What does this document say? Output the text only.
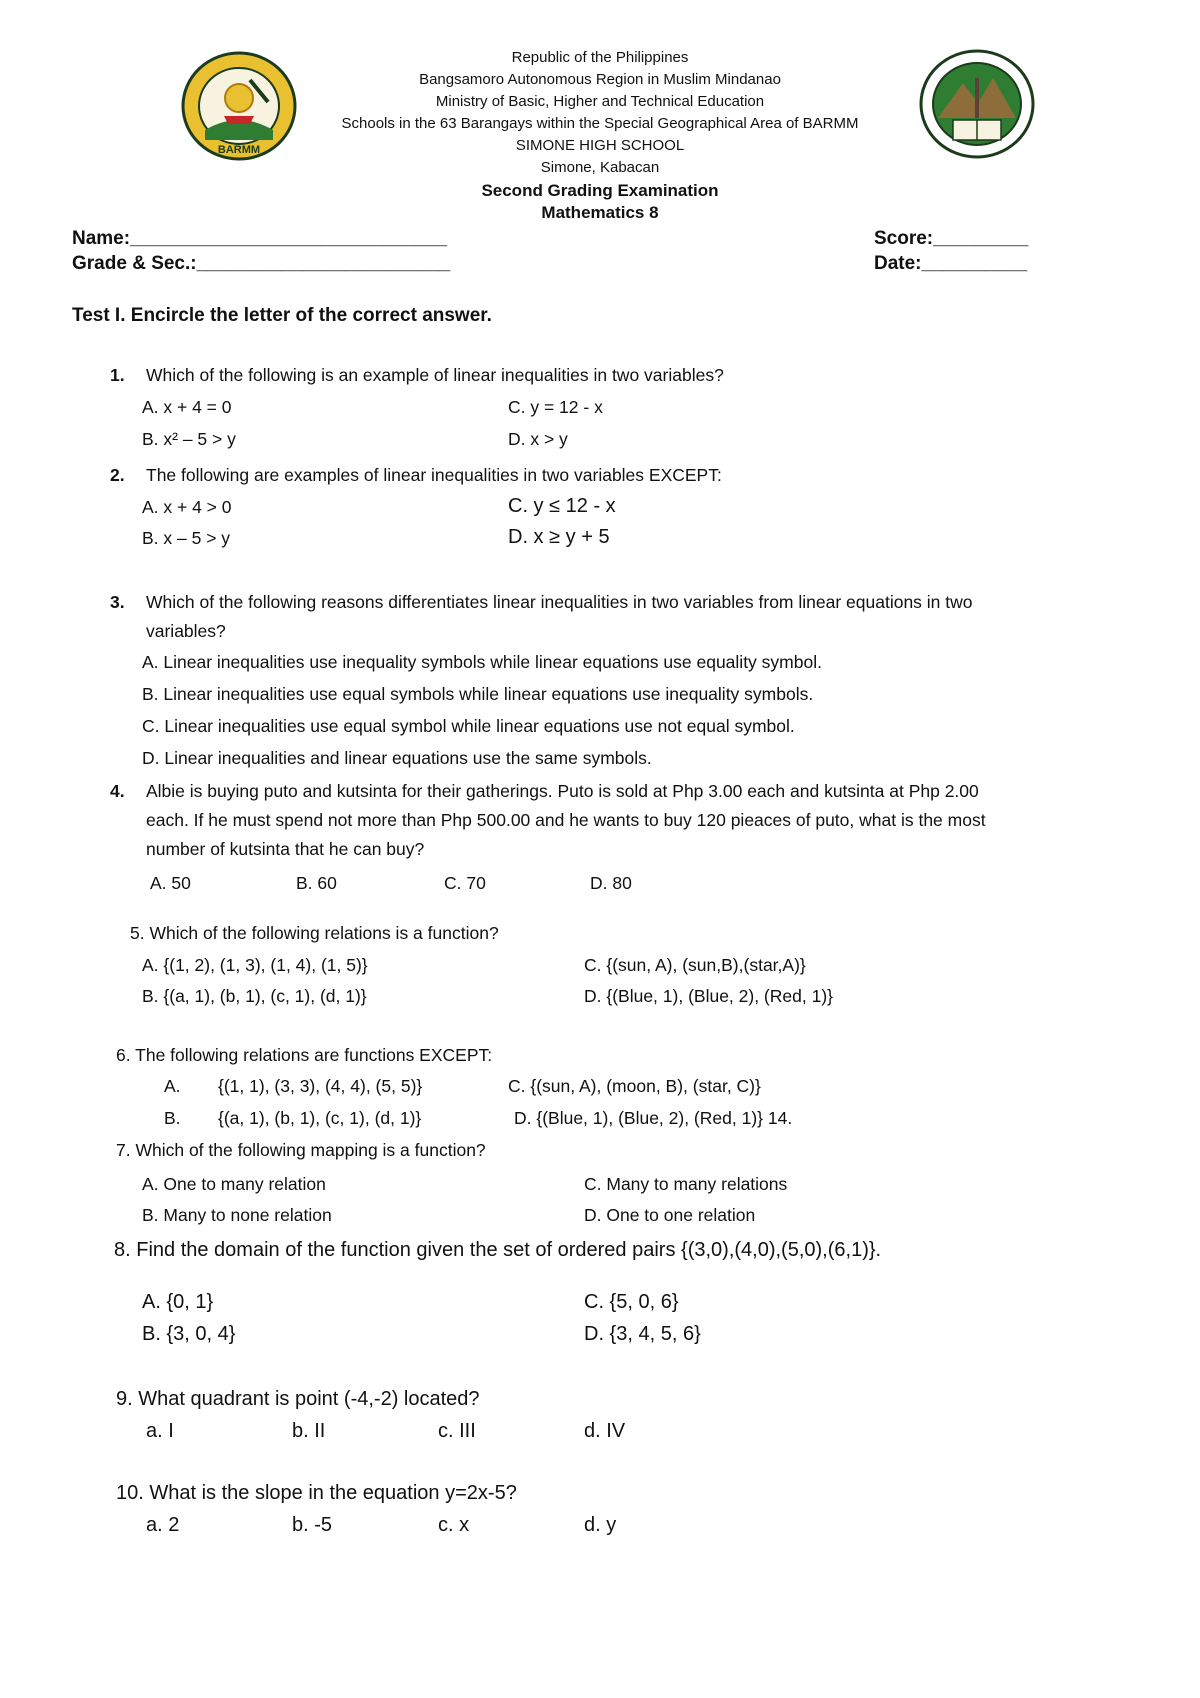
BARMM
Republic of the Philippines
Bangsamoro Autonomous Region in Muslim Mindanao
Ministry of Basic, Higher and Technical Education
Schools in the 63 Barangays within the Special Geographical Area of BARMM
SIMONE HIGH SCHOOL
Simone, Kabacan
Second Grading Examination
Mathematics 8
Name:______________________________	Score:_________
Grade & Sec.:________________________	Date:__________
Test I. Encircle the letter of the correct answer.
1. Which of the following is an example of linear inequalities in two variables?
A. x + 4 = 0	C. y = 12 - x
B. x² – 5 > y	D. x > y
2. The following are examples of linear inequalities in two variables EXCEPT:
A. x + 4 > 0	C. y ≤ 12 - x
B. x – 5 > y	D. x ≥ y + 5
3. Which of the following reasons differentiates linear inequalities in two variables from linear equations in two
variables?
A. Linear inequalities use inequality symbols while linear equations use equality symbol.
B. Linear inequalities use equal symbols while linear equations use inequality symbols.
C. Linear inequalities use equal symbol while linear equations use not equal symbol.
D. Linear inequalities and linear equations use the same symbols.
4. Albie is buying puto and kutsinta for their gatherings. Puto is sold at Php 3.00 each and kutsinta at Php 2.00
each. If he must spend not more than Php 500.00 and he wants to buy 120 pieaces of puto, what is the most
number of kutsinta that he can buy?
A. 50	B. 60	C. 70	D. 80
5. Which of the following relations is a function?
A. {(1, 2), (1, 3), (1, 4), (1, 5)}	C. {(sun, A), (sun,B),(star,A)}
B. {(a, 1), (b, 1), (c, 1), (d, 1)}	D. {(Blue, 1), (Blue, 2), (Red, 1)}
6. The following relations are functions EXCEPT:
A. {(1, 1), (3, 3), (4, 4), (5, 5)}	C. {(sun, A), (moon, B), (star, C)}
B. {(a, 1), (b, 1), (c, 1), (d, 1)}	D. {(Blue, 1), (Blue, 2), (Red, 1)} 14.
7. Which of the following mapping is a function?
A. One to many relation	C. Many to many relations
B. Many to none relation	D. One to one relation
8. Find the domain of the function given the set of ordered pairs {(3,0),(4,0),(5,0),(6,1)}.
A. {0, 1}	C. {5, 0, 6}
B. {3, 0, 4}	D. {3, 4, 5, 6}
9. What quadrant is point (-4,-2) located?
a. I	b. II	c. III	d. IV
10. What is the slope in the equation y=2x-5?
a. 2	b. -5	c. x	d. y
